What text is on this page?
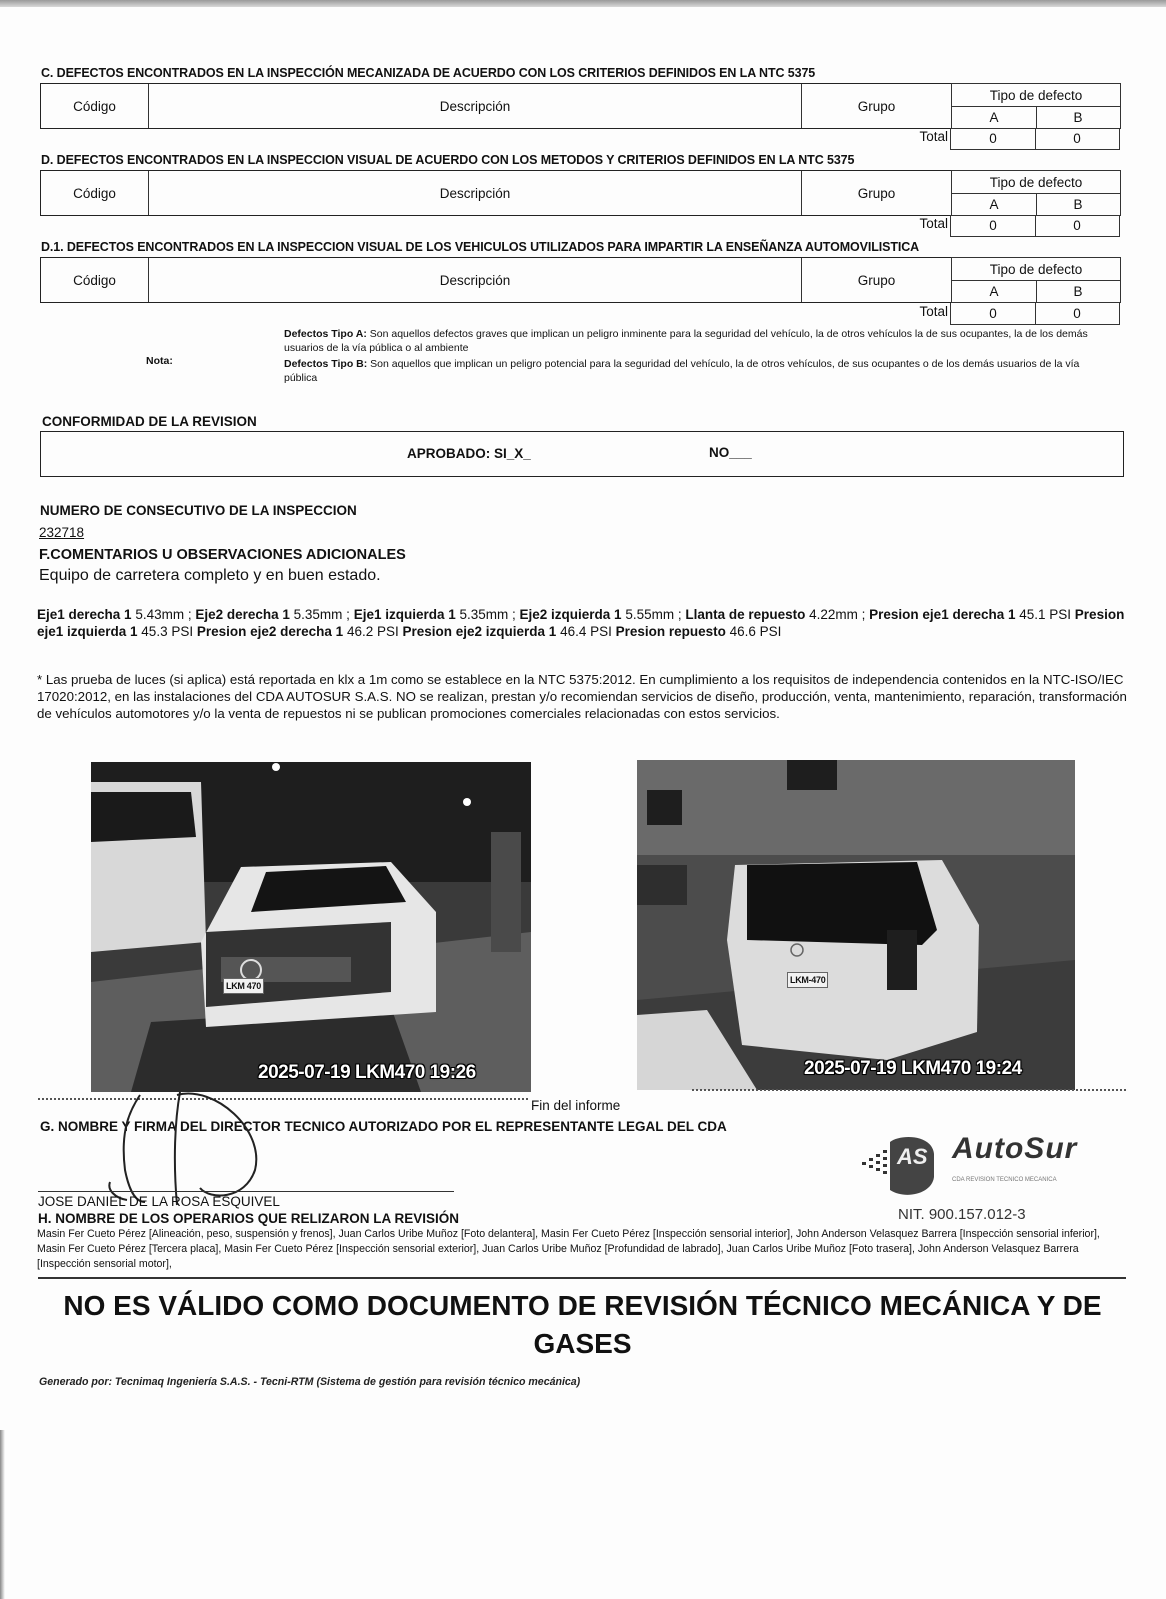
C. DEFECTOS ENCONTRADOS EN LA INSPECCIÓN MECANIZADA DE ACUERDO CON LOS CRITERIOS DEFINIDOS EN LA NTC 5375
Código	Descripción	Grupo
Tipo de defecto
A	B
Total	0	0
D. DEFECTOS ENCONTRADOS EN LA INSPECCION VISUAL DE ACUERDO CON LOS METODOS Y CRITERIOS DEFINIDOS EN LA NTC 5375
Código	Descripción	Grupo
Tipo de defecto
A	B
Total	0	0
D.1. DEFECTOS ENCONTRADOS EN LA INSPECCION VISUAL DE LOS VEHICULOS UTILIZADOS PARA IMPARTIR LA ENSEÑANZA AUTOMOVILISTICA
Código	Descripción	Grupo
Tipo de defecto
A	B
Total	0	0
Nota:
Defectos Tipo A: Son aquellos defectos graves que implican un peligro inminente para la seguridad del vehículo, la de otros vehículos la de sus ocupantes, la de los demás usuarios de la vía pública o al ambiente
Defectos Tipo B: Son aquellos que implican un peligro potencial para la seguridad del vehículo, la de otros vehículos, de sus ocupantes o de los demás usuarios de la vía pública
CONFORMIDAD DE LA REVISION
APROBADO: SI_X_	NO___
NUMERO DE CONSECUTIVO DE LA INSPECCION
232718
F.COMENTARIOS U OBSERVACIONES ADICIONALES
Equipo de carretera completo y en buen estado.
Eje1 derecha 1 5.43mm ; Eje2 derecha 1 5.35mm ; Eje1 izquierda 1 5.35mm ; Eje2 izquierda 1 5.55mm ; Llanta de repuesto 4.22mm ; Presion eje1 derecha 1 45.1 PSI Presion eje1 izquierda 1 45.3 PSI Presion eje2 derecha 1 46.2 PSI Presion eje2 izquierda 1 46.4 PSI Presion repuesto 46.6 PSI
* Las prueba de luces (si aplica) está reportada en klx a 1m como se establece en la NTC 5375:2012. En cumplimiento a los requisitos de independencia contenidos en la NTC-ISO/IEC 17020:2012, en las instalaciones del CDA AUTOSUR S.A.S. NO se realizan, prestan y/o recomiendan servicios de diseño, producción, venta, mantenimiento, reparación, transformación de vehículos automotores y/o la venta de repuestos ni se publican promociones comerciales relacionadas con estos servicios.
LKM 470
2025-07-19 LKM470 19:26
LKM-470
2025-07-19 LKM470 19:24
Fin del informe
G. NOMBRE Y FIRMA DEL DIRECTOR TECNICO AUTORIZADO POR EL REPRESENTANTE LEGAL DEL CDA
JOSE DANIEL DE LA ROSA ESQUIVEL
AS AutoSur
CDA REVISION TECNICO MECANICA
NIT. 900.157.012-3
H. NOMBRE DE LOS OPERARIOS QUE RELIZARON LA REVISIÓN
Masin Fer Cueto Pérez [Alineación, peso, suspensión y frenos], Juan Carlos Uribe Muñoz [Foto delantera], Masin Fer Cueto Pérez [Inspección sensorial interior], John Anderson Velasquez Barrera [Inspección sensorial inferior], Masin Fer Cueto Pérez [Tercera placa], Masin Fer Cueto Pérez [Inspección sensorial exterior], Juan Carlos Uribe Muñoz [Profundidad de labrado], Juan Carlos Uribe Muñoz [Foto trasera], John Anderson Velasquez Barrera [Inspección sensorial motor],
NO ES VÁLIDO COMO DOCUMENTO DE REVISIÓN TÉCNICO MECÁNICA Y DE GASES
Generado por: Tecnimaq Ingeniería S.A.S. - Tecni-RTM (Sistema de gestión para revisión técnico mecánica)
